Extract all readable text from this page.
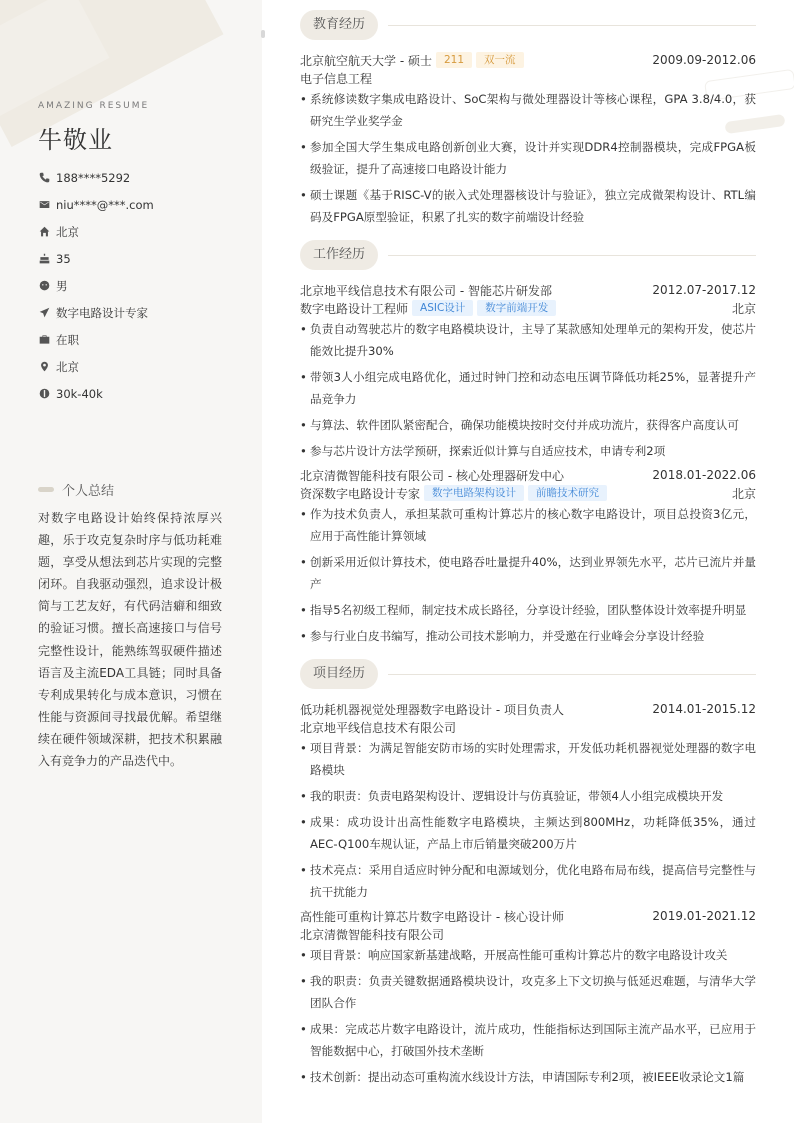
AMAZING RESUME
牛敬业
188****5292
niu****@***.com
北京
35
男
数字电路设计专家
在职
北京
30k-40k
个人总结
对数字电路设计始终保持浓厚兴趣，乐于攻克复杂时序与低功耗难题，享受从想法到芯片实现的完整闭环。自我驱动强烈，追求设计极简与工艺友好，有代码洁癖和细致的验证习惯。擅长高速接口与信号完整性设计，能熟练驾驭硬件描述语言及主流EDA工具链；同时具备专利成果转化与成本意识，习惯在性能与资源间寻找最优解。希望继续在硬件领域深耕，把技术积累融入有竞争力的产品迭代中。
教育经历
北京航空航天大学 - 硕士	211	双一流	2009.09-2012.06
电子信息工程
• 系统修读数字集成电路设计、SoC架构与微处理器设计等核心课程，GPA 3.8/4.0，获研究生学业奖学金
• 参加全国大学生集成电路创新创业大赛，设计并实现DDR4控制器模块，完成FPGA板级验证，提升了高速接口电路设计能力
• 硕士课题《基于RISC-V的嵌入式处理器核设计与验证》，独立完成微架构设计、RTL编码及FPGA原型验证，积累了扎实的数字前端设计经验
工作经历
北京地平线信息技术有限公司 - 智能芯片研发部	2012.07-2017.12
数字电路设计工程师	ASIC设计	数字前端开发	北京
• 负责自动驾驶芯片的数字电路模块设计，主导了某款感知处理单元的架构开发，使芯片能效比提升30%
• 带领3人小组完成电路优化，通过时钟门控和动态电压调节降低功耗25%，显著提升产品竞争力
• 与算法、软件团队紧密配合，确保功能模块按时交付并成功流片，获得客户高度认可
• 参与芯片设计方法学预研，探索近似计算与自适应技术，申请专利2项
北京清微智能科技有限公司 - 核心处理器研发中心	2018.01-2022.06
资深数字电路设计专家	数字电路架构设计	前瞻技术研究	北京
• 作为技术负责人，承担某款可重构计算芯片的核心数字电路设计，项目总投资3亿元，应用于高性能计算领域
• 创新采用近似计算技术，使电路吞吐量提升40%，达到业界领先水平，芯片已流片并量产
• 指导5名初级工程师，制定技术成长路径，分享设计经验，团队整体设计效率提升明显
• 参与行业白皮书编写，推动公司技术影响力，并受邀在行业峰会分享设计经验
项目经历
低功耗机器视觉处理器数字电路设计 - 项目负责人	2014.01-2015.12
北京地平线信息技术有限公司
• 项目背景：为满足智能安防市场的实时处理需求，开发低功耗机器视觉处理器的数字电路模块
• 我的职责：负责电路架构设计、逻辑设计与仿真验证，带领4人小组完成模块开发
• 成果：成功设计出高性能数字电路模块，主频达到800MHz，功耗降低35%，通过AEC-Q100车规认证，产品上市后销量突破200万片
• 技术亮点：采用自适应时钟分配和电源域划分，优化电路布局布线，提高信号完整性与抗干扰能力
高性能可重构计算芯片数字电路设计 - 核心设计师	2019.01-2021.12
北京清微智能科技有限公司
• 项目背景：响应国家新基建战略，开展高性能可重构计算芯片的数字电路设计攻关
• 我的职责：负责关键数据通路模块设计，攻克多上下文切换与低延迟难题，与清华大学团队合作
• 成果：完成芯片数字电路设计，流片成功，性能指标达到国际主流产品水平，已应用于智能数据中心，打破国外技术垄断
• 技术创新：提出动态可重构流水线设计方法，申请国际专利2项，被IEEE收录论文1篇
